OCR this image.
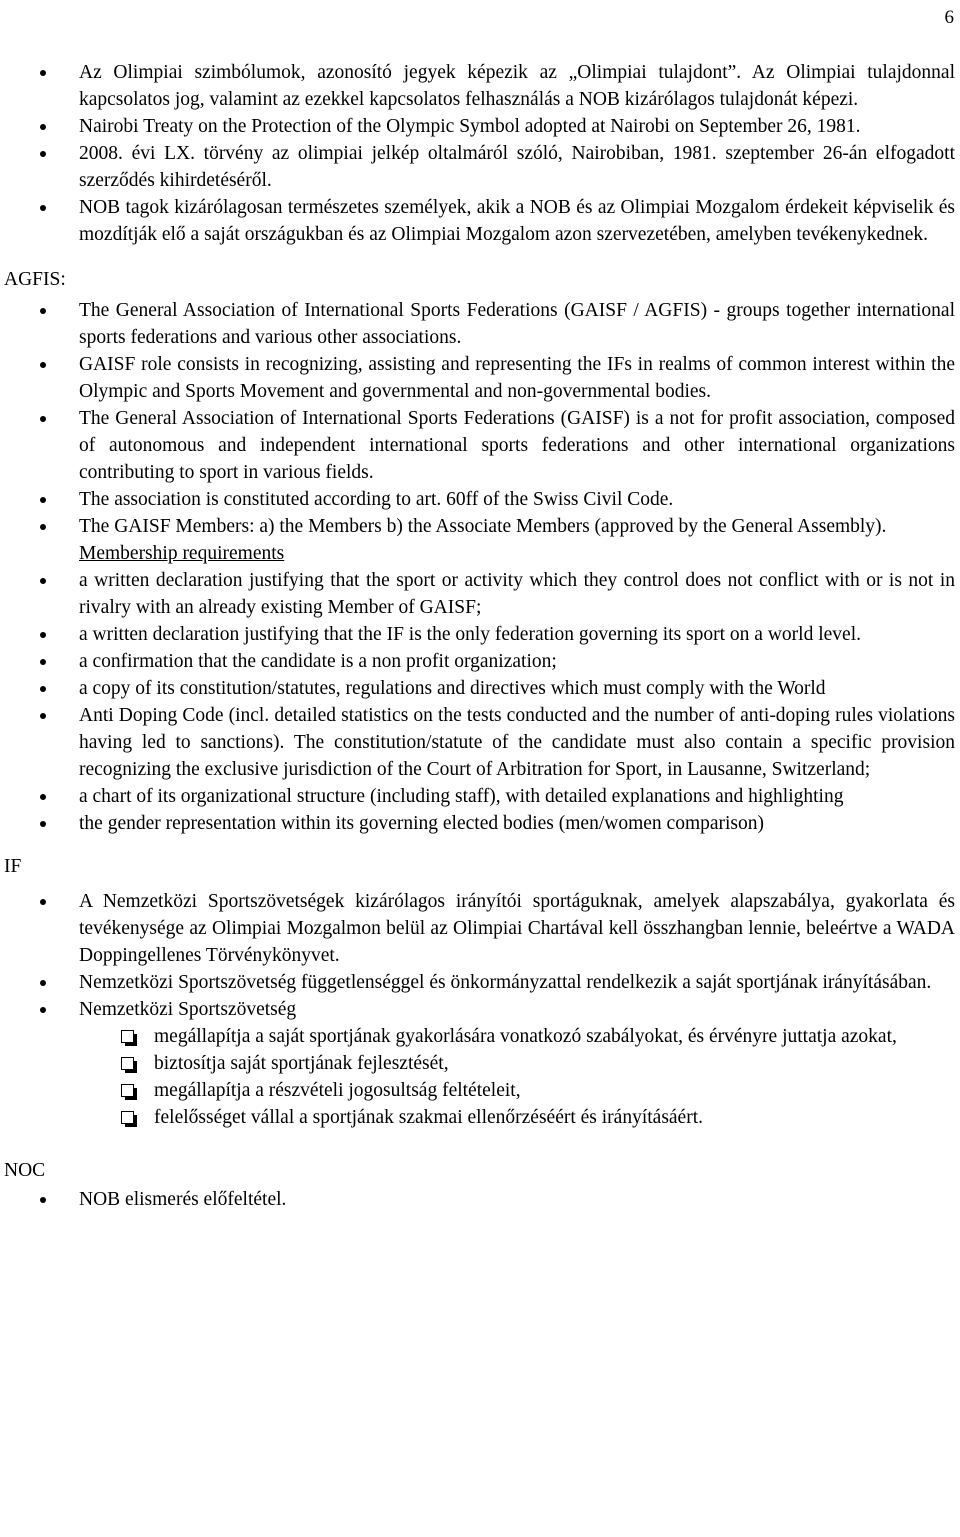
6
Az Olimpiai szimbólumok, azonosító jegyek képezik az „Olimpiai tulajdont”. Az Olimpiai tulajdonnal kapcsolatos jog, valamint az ezekkel kapcsolatos felhasználás a NOB kizárólagos tulajdonát képezi.
Nairobi Treaty on the Protection of the Olympic Symbol adopted at Nairobi on September 26, 1981.
2008. évi LX. törvény az olimpiai jelkép oltalmáról szóló, Nairobiban, 1981. szeptember 26-án elfogadott szerződés kihirdetéséről.
NOB tagok kizárólagosan természetes személyek, akik a NOB és az Olimpiai Mozgalom érdekeit képviselik és mozdítják elő a saját országukban és az Olimpiai Mozgalom azon szervezetében, amelyben tevékenykednek.
AGFIS:
The General Association of International Sports Federations (GAISF / AGFIS) - groups together international sports federations and various other associations.
GAISF role consists in recognizing, assisting and representing the IFs in realms of common interest within the Olympic and Sports Movement and governmental and non-governmental bodies.
The General Association of International Sports Federations (GAISF) is a not for profit association, composed of autonomous and independent international sports federations and other international organizations contributing to sport in various fields.
The association is constituted according to art. 60ff of the Swiss Civil Code.
The GAISF Members: a) the Members b) the Associate Members (approved by the General Assembly).
Membership requirements
a written declaration justifying that the sport or activity which they control does not conflict with or is not in rivalry with an already existing Member of GAISF;
a written declaration justifying that the IF is the only federation governing its sport on a world level.
a confirmation that the candidate is a non profit organization;
a copy of its constitution/statutes, regulations and directives which must comply with the World
Anti Doping Code (incl. detailed statistics on the tests conducted and the number of anti-doping rules violations having led to sanctions). The constitution/statute of the candidate must also contain a specific provision recognizing the exclusive jurisdiction of the Court of Arbitration for Sport, in Lausanne, Switzerland;
a chart of its organizational structure (including staff), with detailed explanations and highlighting
the gender representation within its governing elected bodies (men/women comparison)
IF
A Nemzetközi Sportszövetségek kizárólagos irányítói sportáguknak, amelyek alapszabálya, gyakorlata és tevékenysége az Olimpiai Mozgalmon belül az Olimpiai Chartával kell összhangban lennie, beleértve a WADA Doppingellenes Törvénykönyvet.
Nemzetközi Sportszövetség függetlenséggel és önkormányzattal rendelkezik a saját sportjának irányításában.
Nemzetközi Sportszövetség
megállapítja a saját sportjának gyakorlására vonatkozó szabályokat, és érvényre juttatja azokat,
biztosítja saját sportjának fejlesztését,
megállapítja a részvételi jogosultság feltételeit,
felelősséget vállal a sportjának szakmai ellenőrzéséért és irányításáért.
NOC
NOB elismerés előfeltétel.
